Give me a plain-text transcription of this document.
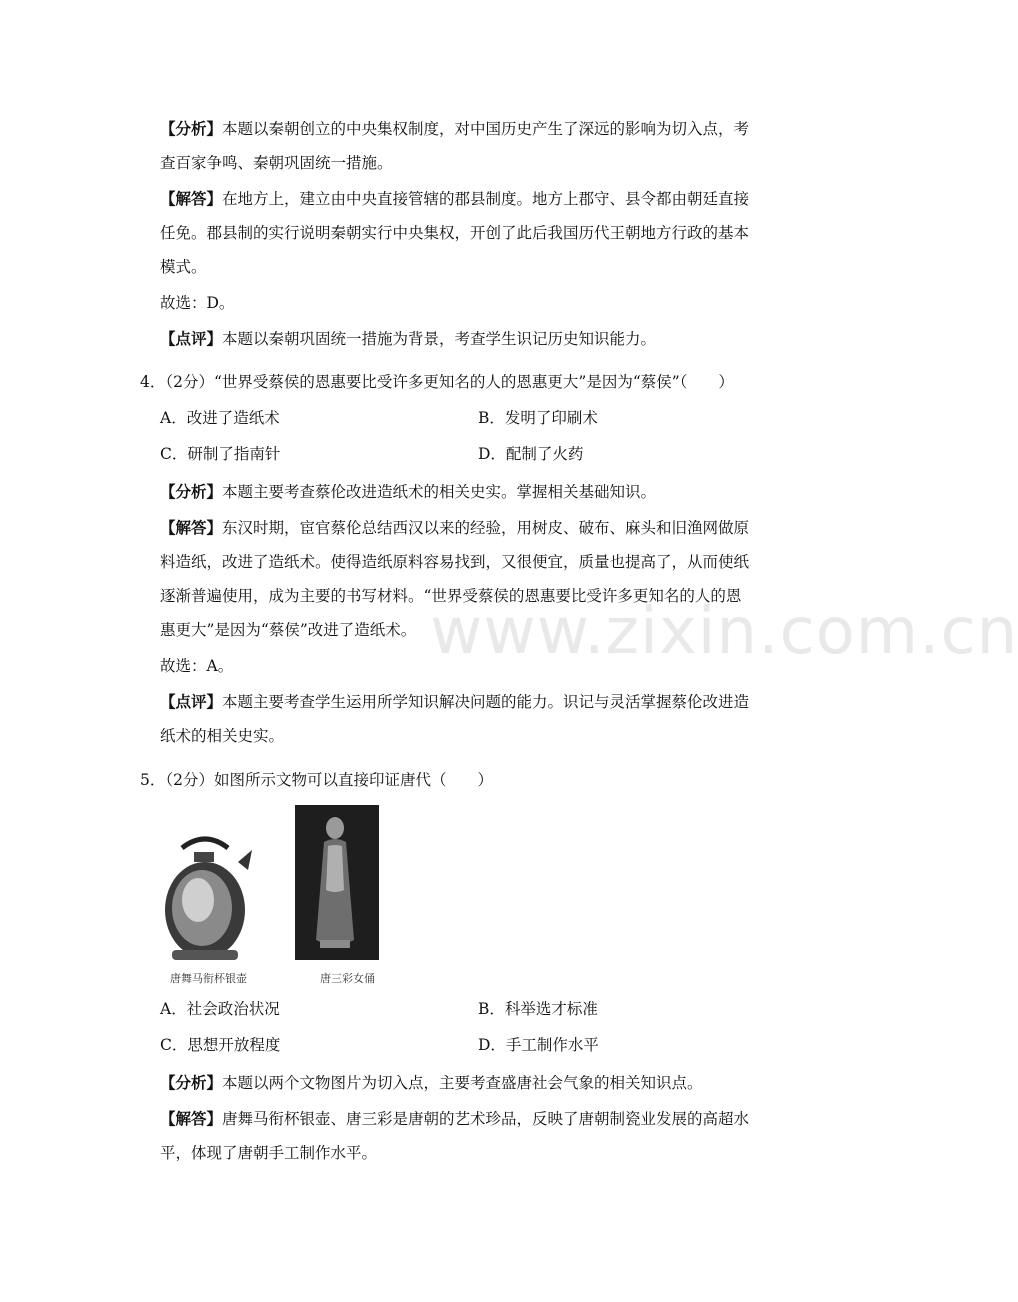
www.zixin.com.cn
【分析】本题以秦朝创立的中央集权制度，对中国历史产生了深远的影响为切入点，考
查百家争鸣、秦朝巩固统一措施。
【解答】在地方上，建立由中央直接管辖的郡县制度。地方上郡守、县令都由朝廷直接
任免。郡县制的实行说明秦朝实行中央集权，开创了此后我国历代王朝地方行政的基本
模式。
故选：D。
【点评】本题以秦朝巩固统一措施为背景，考查学生识记历史知识能力。
4．（2分）“世界受蔡侯的恩惠要比受许多更知名的人的恩惠更大”是因为“蔡侯”（　　）
A．改进了造纸术	B．发明了印刷术
C．研制了指南针	D．配制了火药
【分析】本题主要考查蔡伦改进造纸术的相关史实。掌握相关基础知识。
【解答】东汉时期，宦官蔡伦总结西汉以来的经验，用树皮、破布、麻头和旧渔网做原
料造纸，改进了造纸术。使得造纸原料容易找到，又很便宜，质量也提高了，从而使纸
逐渐普遍使用，成为主要的书写材料。“世界受蔡侯的恩惠要比受许多更知名的人的恩
惠更大”是因为“蔡侯”改进了造纸术。
故选：A。
【点评】本题主要考查学生运用所学知识解决问题的能力。识记与灵活掌握蔡伦改进造
纸术的相关史实。
5．（2分）如图所示文物可以直接印证唐代（　　）
唐舞马衔杯银壶	唐三彩女俑
A．社会政治状况	B．科举选才标准
C．思想开放程度	D．手工制作水平
【分析】本题以两个文物图片为切入点，主要考查盛唐社会气象的相关知识点。
【解答】唐舞马衔杯银壶、唐三彩是唐朝的艺术珍品，反映了唐朝制瓷业发展的高超水
平，体现了唐朝手工制作水平。
